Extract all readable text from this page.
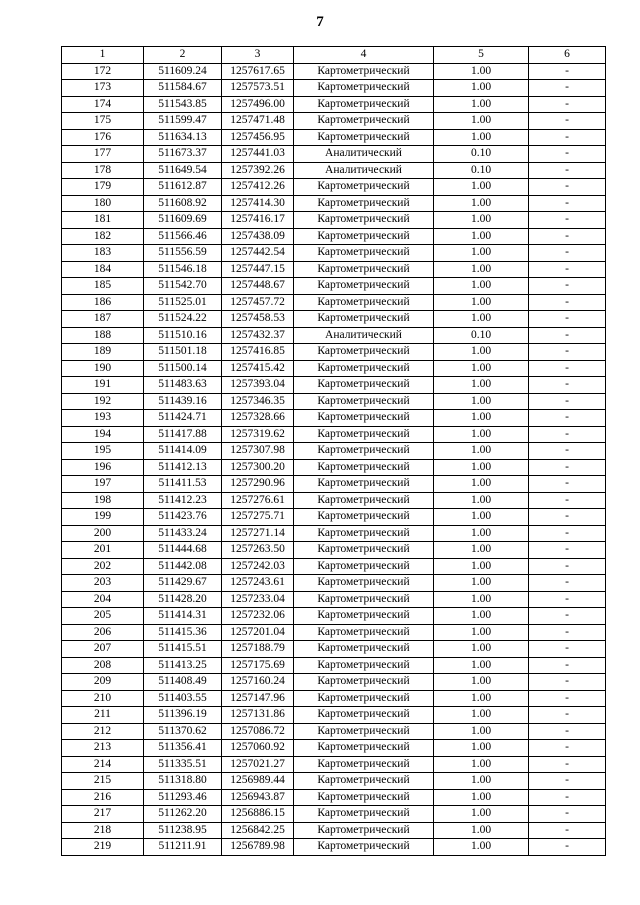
7
1	2	3	4	5	6
172	511609.24	1257617.65	Картометрический	1.00	-
173	511584.67	1257573.51	Картометрический	1.00	-
174	511543.85	1257496.00	Картометрический	1.00	-
175	511599.47	1257471.48	Картометрический	1.00	-
176	511634.13	1257456.95	Картометрический	1.00	-
177	511673.37	1257441.03	Аналитический	0.10	-
178	511649.54	1257392.26	Аналитический	0.10	-
179	511612.87	1257412.26	Картометрический	1.00	-
180	511608.92	1257414.30	Картометрический	1.00	-
181	511609.69	1257416.17	Картометрический	1.00	-
182	511566.46	1257438.09	Картометрический	1.00	-
183	511556.59	1257442.54	Картометрический	1.00	-
184	511546.18	1257447.15	Картометрический	1.00	-
185	511542.70	1257448.67	Картометрический	1.00	-
186	511525.01	1257457.72	Картометрический	1.00	-
187	511524.22	1257458.53	Картометрический	1.00	-
188	511510.16	1257432.37	Аналитический	0.10	-
189	511501.18	1257416.85	Картометрический	1.00	-
190	511500.14	1257415.42	Картометрический	1.00	-
191	511483.63	1257393.04	Картометрический	1.00	-
192	511439.16	1257346.35	Картометрический	1.00	-
193	511424.71	1257328.66	Картометрический	1.00	-
194	511417.88	1257319.62	Картометрический	1.00	-
195	511414.09	1257307.98	Картометрический	1.00	-
196	511412.13	1257300.20	Картометрический	1.00	-
197	511411.53	1257290.96	Картометрический	1.00	-
198	511412.23	1257276.61	Картометрический	1.00	-
199	511423.76	1257275.71	Картометрический	1.00	-
200	511433.24	1257271.14	Картометрический	1.00	-
201	511444.68	1257263.50	Картометрический	1.00	-
202	511442.08	1257242.03	Картометрический	1.00	-
203	511429.67	1257243.61	Картометрический	1.00	-
204	511428.20	1257233.04	Картометрический	1.00	-
205	511414.31	1257232.06	Картометрический	1.00	-
206	511415.36	1257201.04	Картометрический	1.00	-
207	511415.51	1257188.79	Картометрический	1.00	-
208	511413.25	1257175.69	Картометрический	1.00	-
209	511408.49	1257160.24	Картометрический	1.00	-
210	511403.55	1257147.96	Картометрический	1.00	-
211	511396.19	1257131.86	Картометрический	1.00	-
212	511370.62	1257086.72	Картометрический	1.00	-
213	511356.41	1257060.92	Картометрический	1.00	-
214	511335.51	1257021.27	Картометрический	1.00	-
215	511318.80	1256989.44	Картометрический	1.00	-
216	511293.46	1256943.87	Картометрический	1.00	-
217	511262.20	1256886.15	Картометрический	1.00	-
218	511238.95	1256842.25	Картометрический	1.00	-
219	511211.91	1256789.98	Картометрический	1.00	-
